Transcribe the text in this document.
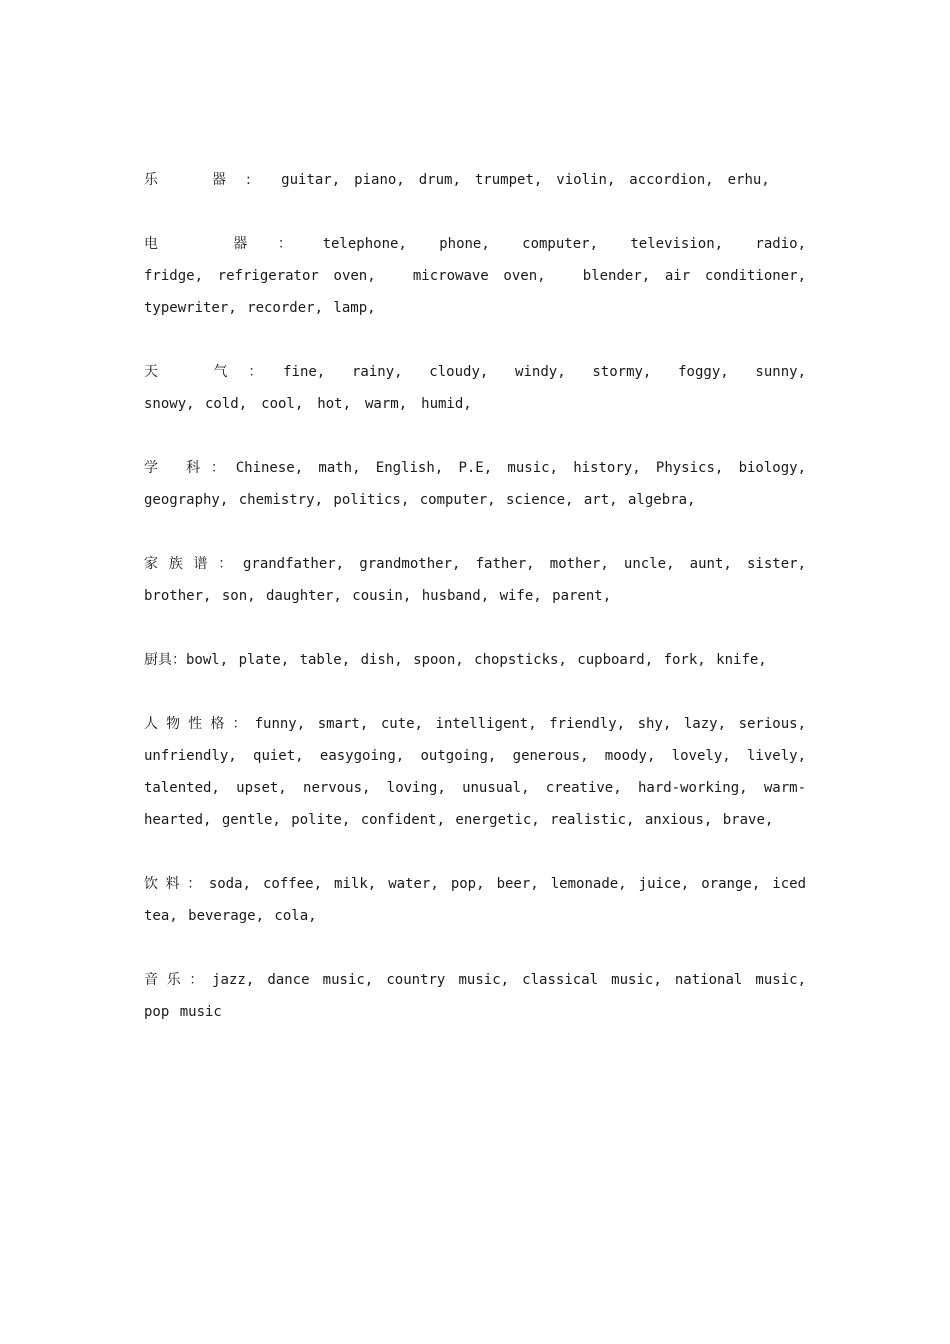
乐　器: guitar,　piano,　drum,　trumpet,　violin,　accordion,　erhu,

电　器：telephone,　 phone,　 computer,　 television,　 radio,　 fridge, refrigerator oven,　 microwave oven,　 blender, air conditioner,　 typewriter, recorder, lamp,

天　气：fine,　 rainy,　 cloudy,　 windy,　 stormy,　 foggy,　 sunny,　 snowy, cold,　cool,　hot,　warm,　humid,

学 科：Chinese, math, English, P.E, music, history, Physics, biology, geography, chemistry, politics, computer, science, art, algebra,

家族谱：grandfather, grandmother, father, mother, uncle, aunt, sister, brother, son, daughter, cousin, husband, wife, parent,

厨具：bowl, plate, table, dish, spoon, chopsticks, cupboard, fork, knife,

人物性格：funny, smart, cute, intelligent, friendly, shy, lazy, serious, unfriendly, quiet, easygoing, outgoing, generous, moody, lovely, lively, talented, upset, nervous, loving, unusual, creative, hard-working, warm-hearted, gentle, polite, confident, energetic, realistic, anxious, brave,

饮料：soda, coffee, milk, water, pop, beer, lemonade, juice, orange, iced tea, beverage, cola,

音乐：jazz, dance music, country music, classical music, national music, pop music
